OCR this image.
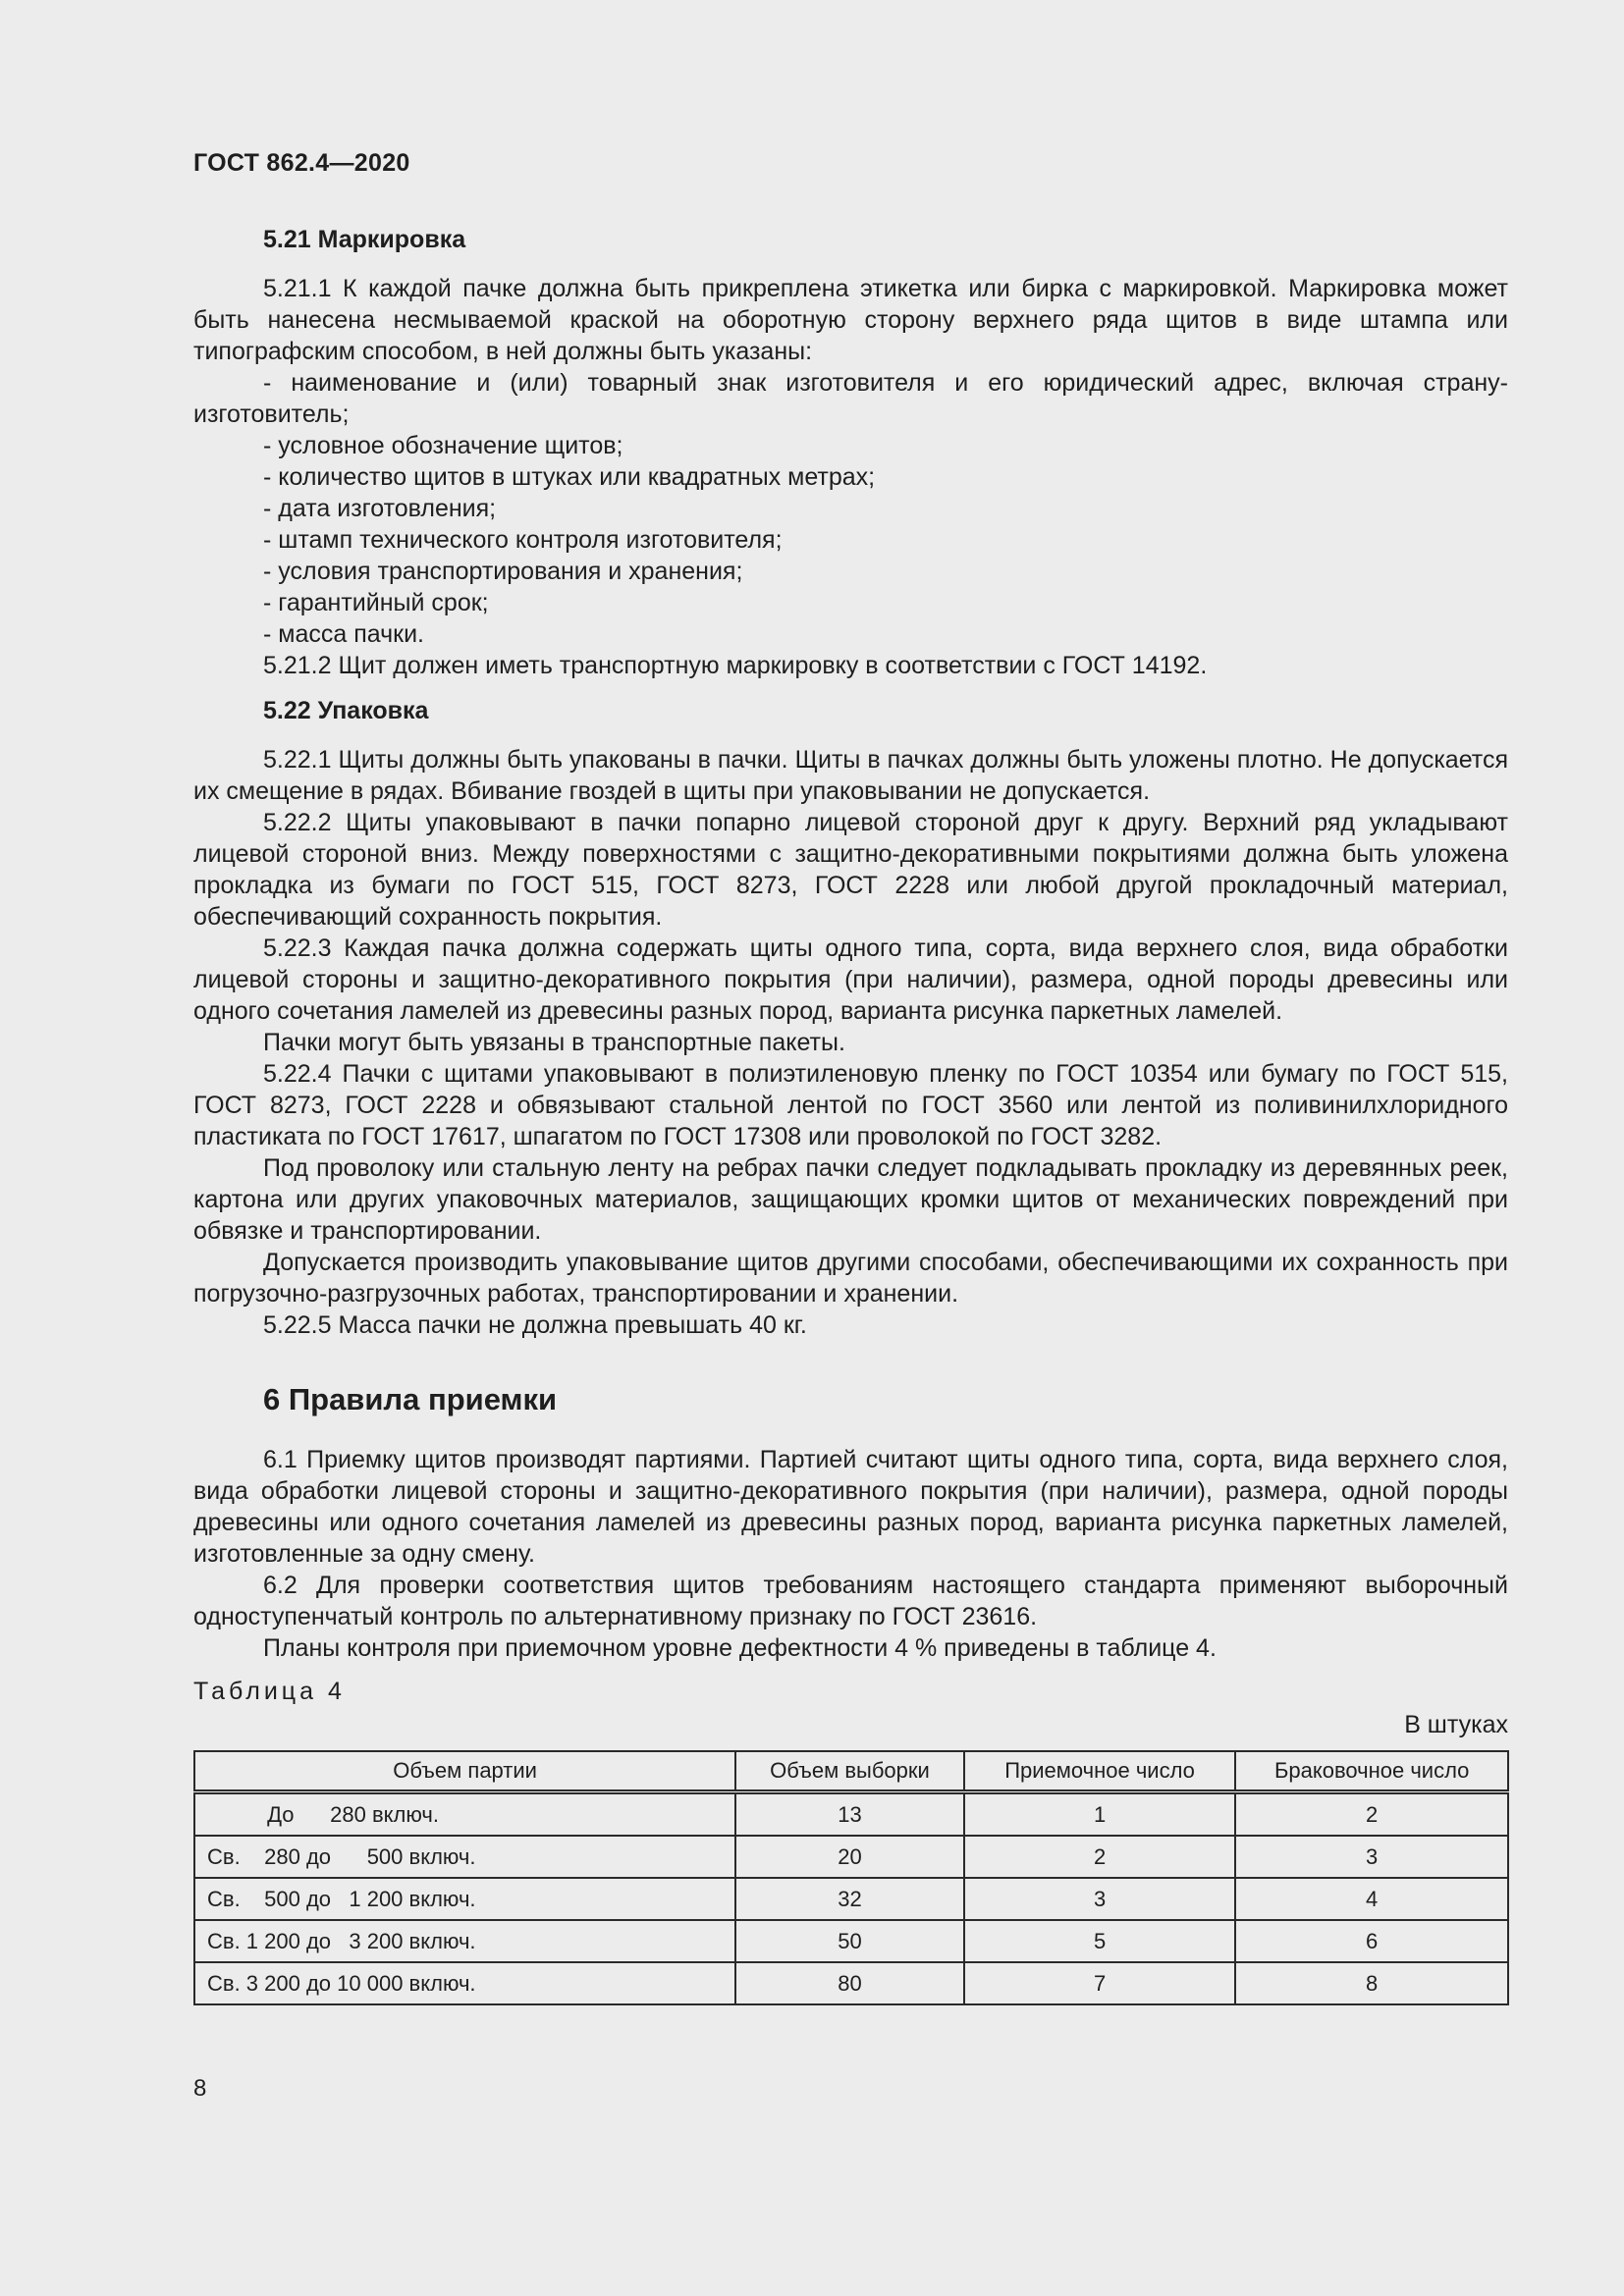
ГОСТ 862.4—2020

5.21 Маркировка

5.21.1 К каждой пачке должна быть прикреплена этикетка или бирка с маркировкой. Маркировка может быть нанесена несмываемой краской на оборотную сторону верхнего ряда щитов в виде штампа или типографским способом, в ней должны быть указаны:

- наименование и (или) товарный знак изготовителя и его юридический адрес, включая страну-изготовитель;

- условное обозначение щитов;

- количество щитов в штуках или квадратных метрах;

- дата изготовления;

- штамп технического контроля изготовителя;

- условия транспортирования и хранения;

- гарантийный срок;

- масса пачки.

5.21.2 Щит должен иметь транспортную маркировку в соответствии с ГОСТ 14192.

5.22 Упаковка

5.22.1 Щиты должны быть упакованы в пачки. Щиты в пачках должны быть уложены плотно. Не допускается их смещение в рядах. Вбивание гвоздей в щиты при упаковывании не допускается.

5.22.2 Щиты упаковывают в пачки попарно лицевой стороной друг к другу. Верхний ряд укладывают лицевой стороной вниз. Между поверхностями с защитно-декоративными покрытиями должна быть уложена прокладка из бумаги по ГОСТ 515, ГОСТ 8273, ГОСТ 2228 или любой другой прокладочный материал, обеспечивающий сохранность покрытия.

5.22.3 Каждая пачка должна содержать щиты одного типа, сорта, вида верхнего слоя, вида обработки лицевой стороны и защитно-декоративного покрытия (при наличии), размера, одной породы древесины или одного сочетания ламелей из древесины разных пород, варианта рисунка паркетных ламелей.

Пачки могут быть увязаны в транспортные пакеты.

5.22.4 Пачки с щитами упаковывают в полиэтиленовую пленку по ГОСТ 10354 или бумагу по ГОСТ 515, ГОСТ 8273, ГОСТ 2228 и обвязывают стальной лентой по ГОСТ 3560 или лентой из поливинилхлоридного пластиката по ГОСТ 17617, шпагатом по ГОСТ 17308 или проволокой по ГОСТ 3282.

Под проволоку или стальную ленту на ребрах пачки следует подкладывать прокладку из деревянных реек, картона или других упаковочных материалов, защищающих кромки щитов от механических повреждений при обвязке и транспортировании.

Допускается производить упаковывание щитов другими способами, обеспечивающими их сохранность при погрузочно-разгрузочных работах, транспортировании и хранении.

5.22.5 Масса пачки не должна превышать 40 кг.

6 Правила приемки

6.1 Приемку щитов производят партиями. Партией считают щиты одного типа, сорта, вида верхнего слоя, вида обработки лицевой стороны и защитно-декоративного покрытия (при наличии), размера, одной породы древесины или одного сочетания ламелей из древесины разных пород, варианта рисунка паркетных ламелей, изготовленные за одну смену.

6.2 Для проверки соответствия щитов требованиям настоящего стандарта применяют выборочный одноступенчатый контроль по альтернативному признаку по ГОСТ 23616.

Планы контроля при приемочном уровне дефектности 4 % приведены в таблице 4.

Таблица 4

В штуках

Объем партии	Объем выборки	Приемочное число	Браковочное число
До      280 включ.	13	1	2
Св.    280 до      500 включ.	20	2	3
Св.    500 до   1 200 включ.	32	3	4
Св. 1 200 до   3 200 включ.	50	5	6
Св. 3 200 до 10 000 включ.	80	7	8
8
